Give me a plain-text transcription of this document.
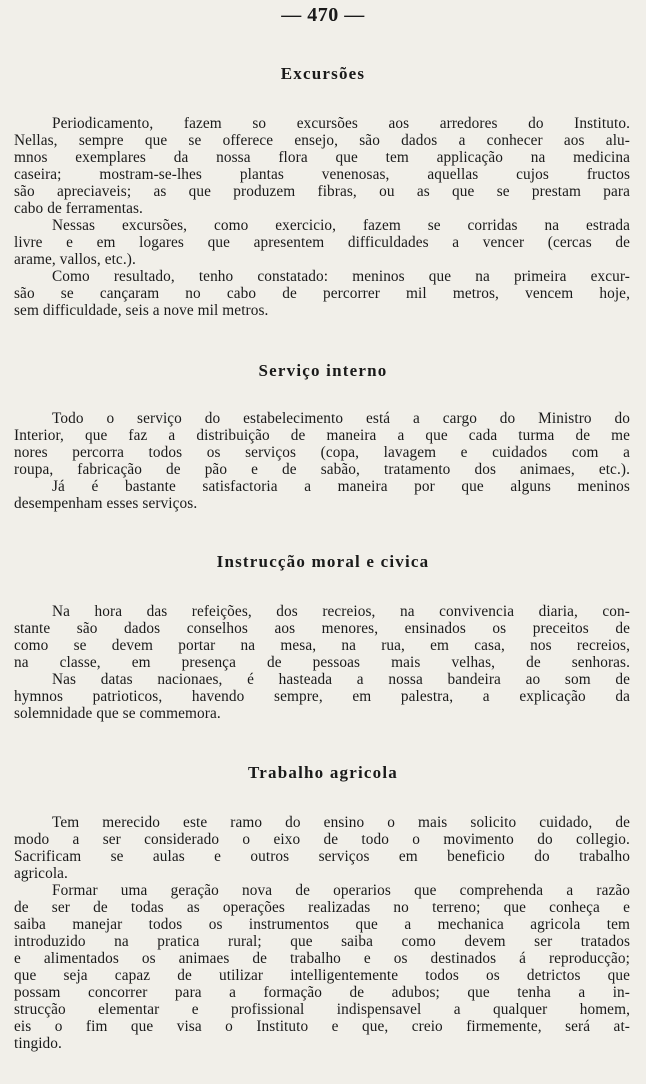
— 470 —
Excursões
Periodicamento, fazem so excursões aos arredores do Instituto.
Nellas, sempre que se offerece ensejo, são dados a conhecer aos alu-
mnos exemplares da nossa flora que tem applicação na medicina
caseira; mostram-se-lhes plantas venenosas, aquellas cujos fructos
são apreciaveis; as que produzem fibras, ou as que se prestam para
cabo de ferramentas.
Nessas excursões, como exercicio, fazem se corridas na estrada
livre e em logares que apresentem difficuldades a vencer (cercas de
arame, vallos, etc.).
Como resultado, tenho constatado: meninos que na primeira excur-
são se cançaram no cabo de percorrer mil metros, vencem hoje,
sem difficuldade, seis a nove mil metros.
Serviço interno
Todo o serviço do estabelecimento está a cargo do Ministro do
Interior, que faz a distribuição de maneira a que cada turma de me
nores percorra todos os serviços (copa, lavagem e cuidados com a
roupa, fabricação de pão e de sabão, tratamento dos animaes, etc.).
Já é bastante satisfactoria a maneira por que alguns meninos
desempenham esses serviços.
Instrucção moral e civica
Na hora das refeições, dos recreios, na convivencia diaria, con-
stante são dados conselhos aos menores, ensinados os preceitos de
como se devem portar na mesa, na rua, em casa, nos recreios,
na classe, em presença de pessoas mais velhas, de senhoras.
Nas datas nacionaes, é hasteada a nossa bandeira ao som de
hymnos patrioticos, havendo sempre, em palestra, a explicação da
solemnidade que se commemora.
Trabalho agricola
Tem merecido este ramo do ensino o mais solicito cuidado, de
modo a ser considerado o eixo de todo o movimento do collegio.
Sacrificam se aulas e outros serviços em beneficio do trabalho
agricola.
Formar uma geração nova de operarios que comprehenda a razão
de ser de todas as operações realizadas no terreno; que conheça e
saiba manejar todos os instrumentos que a mechanica agricola tem
introduzido na pratica rural; que saiba como devem ser tratados
e alimentados os animaes de trabalho e os destinados á reproducção;
que seja capaz de utilizar intelligentemente todos os detrictos que
possam concorrer para a formação de adubos; que tenha a in-
strucção elementar e profissional indispensavel a qualquer homem,
eis o fim que visa o Instituto e que, creio firmemente, será at-
tingido.
